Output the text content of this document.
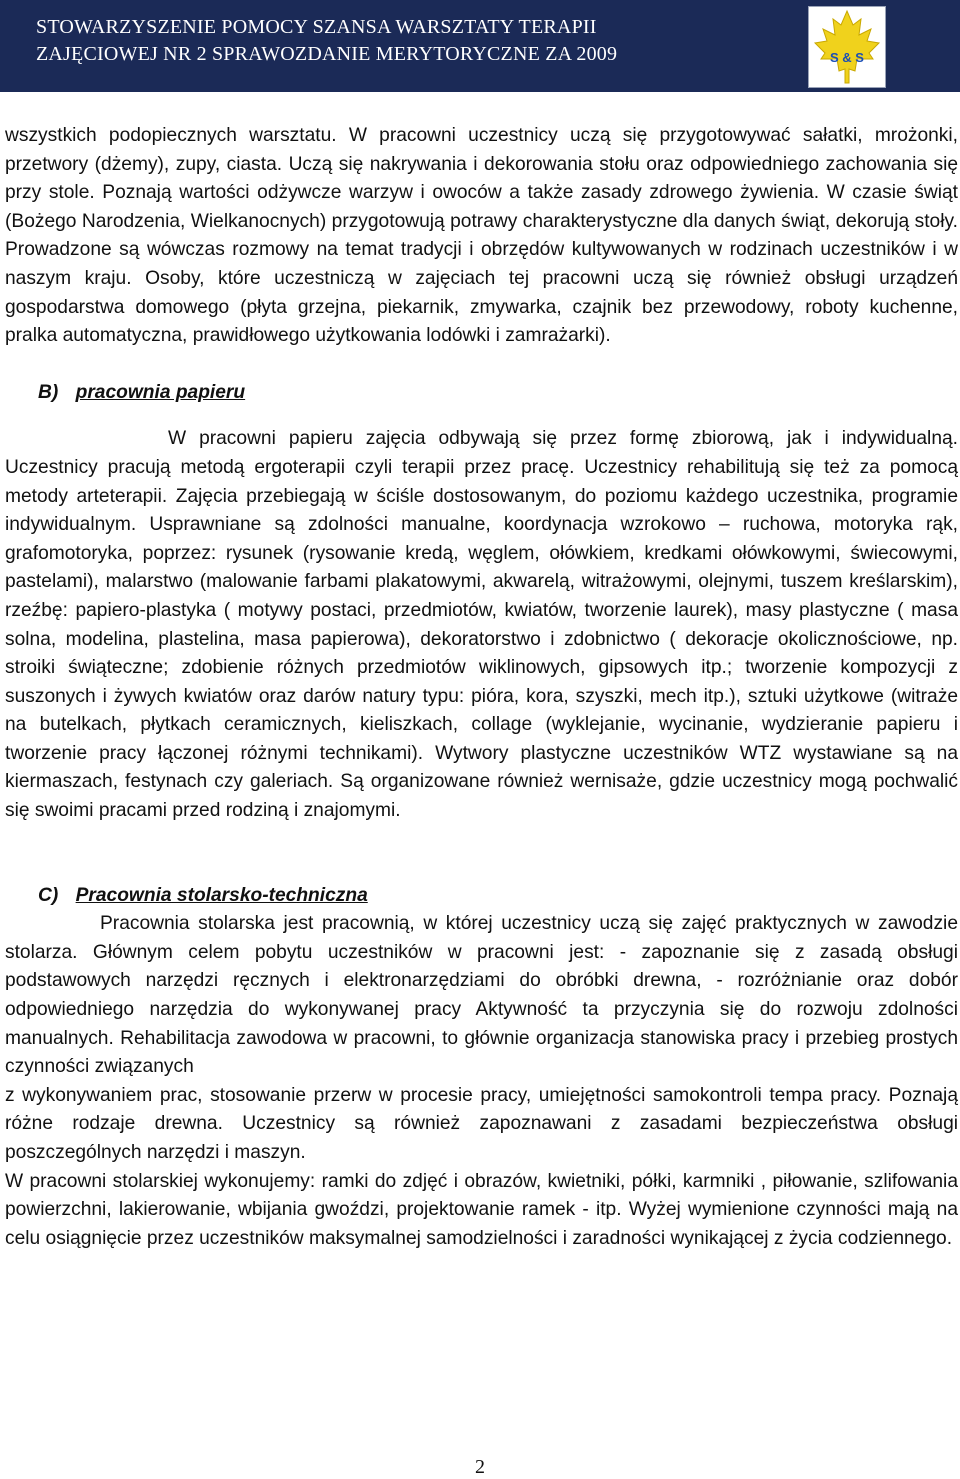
STOWARZYSZENIE POMOCY SZANSA WARSZTATY TERAPII
ZAJĘCIOWEJ NR 2 SPRAWOZDANIE MERYTORYCZNE ZA 2009	S & S

wszystkich podopiecznych warsztatu. W pracowni uczestnicy uczą się przygotowywać sałatki, mrożonki, przetwory (dżemy), zupy, ciasta. Uczą się nakrywania i dekorowania stołu oraz odpowiedniego zachowania się przy stole. Poznają wartości odżywcze warzyw i owoców a także zasady zdrowego żywienia. W czasie świąt (Bożego Narodzenia, Wielkanocnych) przygotowują potrawy charakterystyczne dla danych świąt, dekorują stoły. Prowadzone są wówczas rozmowy na temat tradycji i obrzędów kultywowanych w rodzinach uczestników i w naszym kraju. Osoby, które uczestniczą w zajęciach tej pracowni uczą się również obsługi urządzeń gospodarstwa domowego (płyta grzejna, piekarnik, zmywarka, czajnik bez przewodowy, roboty kuchenne, pralka automatyczna, prawidłowego użytkowania lodówki i zamrażarki).

B) pracownia papieru

W pracowni papieru zajęcia odbywają się przez formę zbiorową, jak i indywidualną. Uczestnicy pracują metodą ergoterapii czyli terapii przez pracę. Uczestnicy rehabilitują się też za pomocą metody arteterapii. Zajęcia przebiegają w ściśle dostosowanym, do poziomu każdego uczestnika, programie indywidualnym. Usprawniane są zdolności manualne, koordynacja wzrokowo – ruchowa, motoryka rąk, grafomotoryka, poprzez: rysunek (rysowanie kredą, węglem, ołówkiem, kredkami ołówkowymi, świecowymi, pastelami), malarstwo (malowanie farbami plakatowymi, akwarelą, witrażowymi, olejnymi, tuszem kreślarskim), rzeźbę: papiero-plastyka ( motywy postaci, przedmiotów, kwiatów, tworzenie laurek), masy plastyczne ( masa solna, modelina, plastelina, masa papierowa), dekoratorstwo i zdobnictwo ( dekoracje okolicznościowe, np. stroiki świąteczne; zdobienie różnych przedmiotów wiklinowych, gipsowych itp.; tworzenie kompozycji z suszonych i żywych kwiatów oraz darów natury typu: pióra, kora, szyszki, mech itp.), sztuki użytkowe (witraże na butelkach, płytkach ceramicznych, kieliszkach, collage (wyklejanie, wycinanie, wydzieranie papieru i tworzenie pracy łączonej różnymi technikami). Wytwory plastyczne uczestników WTZ wystawiane są na kiermaszach, festynach czy galeriach. Są organizowane również wernisaże, gdzie uczestnicy mogą pochwalić się swoimi pracami przed rodziną i znajomymi.

C) Pracownia stolarsko-techniczna

Pracownia stolarska jest pracownią, w której uczestnicy uczą się zajęć praktycznych w zawodzie stolarza. Głównym celem pobytu uczestników w pracowni jest: - zapoznanie się z zasadą obsługi podstawowych narzędzi ręcznych i elektronarzędziami do obróbki drewna, - rozróżnianie oraz dobór odpowiedniego narzędzia do wykonywanej pracy Aktywność ta przyczynia się do rozwoju zdolności manualnych. Rehabilitacja zawodowa w pracowni, to głównie organizacja stanowiska pracy i przebieg prostych czynności związanych

z wykonywaniem prac, stosowanie przerw w procesie pracy, umiejętności samokontroli tempa pracy. Poznają różne rodzaje drewna. Uczestnicy są również zapoznawani z zasadami bezpieczeństwa obsługi poszczególnych narzędzi i maszyn.

W pracowni stolarskiej wykonujemy: ramki do zdjęć i obrazów, kwietniki, półki, karmniki , piłowanie, szlifowania powierzchni, lakierowanie, wbijania gwoździ, projektowanie ramek - itp. Wyżej wymienione czynności mają na celu osiągnięcie przez uczestników maksymalnej samodzielności i zaradności wynikającej z życia codziennego.

2
